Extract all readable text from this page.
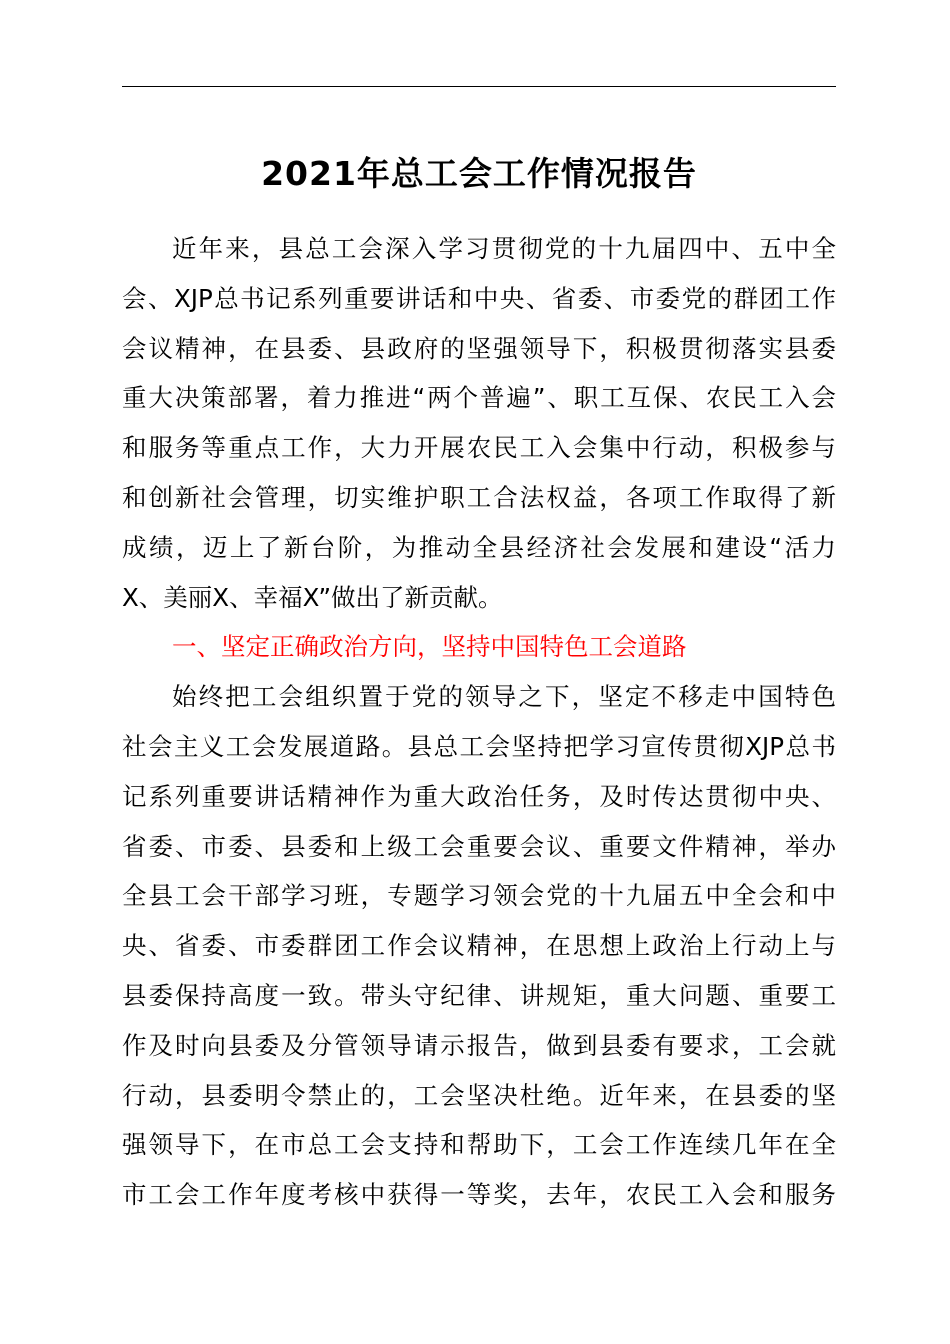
2021年总工会工作情况报告
近年来，县总工会深入学习贯彻党的十九届四中、五中全
会、XJP总书记系列重要讲话和中央、省委、市委党的群团工作
会议精神，在县委、县政府的坚强领导下，积极贯彻落实县委
重大决策部署，着力推进“两个普遍”、职工互保、农民工入会
和服务等重点工作，大力开展农民工入会集中行动，积极参与
和创新社会管理，切实维护职工合法权益，各项工作取得了新
成绩，迈上了新台阶，为推动全县经济社会发展和建设“活力
X、美丽X、幸福X”做出了新贡献。
一、坚定正确政治方向，坚持中国特色工会道路
始终把工会组织置于党的领导之下，坚定不移走中国特色
社会主义工会发展道路。县总工会坚持把学习宣传贯彻XJP总书
记系列重要讲话精神作为重大政治任务，及时传达贯彻中央、
省委、市委、县委和上级工会重要会议、重要文件精神，举办
全县工会干部学习班，专题学习领会党的十九届五中全会和中
央、省委、市委群团工作会议精神，在思想上政治上行动上与
县委保持高度一致。带头守纪律、讲规矩，重大问题、重要工
作及时向县委及分管领导请示报告，做到县委有要求，工会就
行动，县委明令禁止的，工会坚决杜绝。近年来，在县委的坚
强领导下，在市总工会支持和帮助下，工会工作连续几年在全
市工会工作年度考核中获得一等奖，去年，农民工入会和服务
